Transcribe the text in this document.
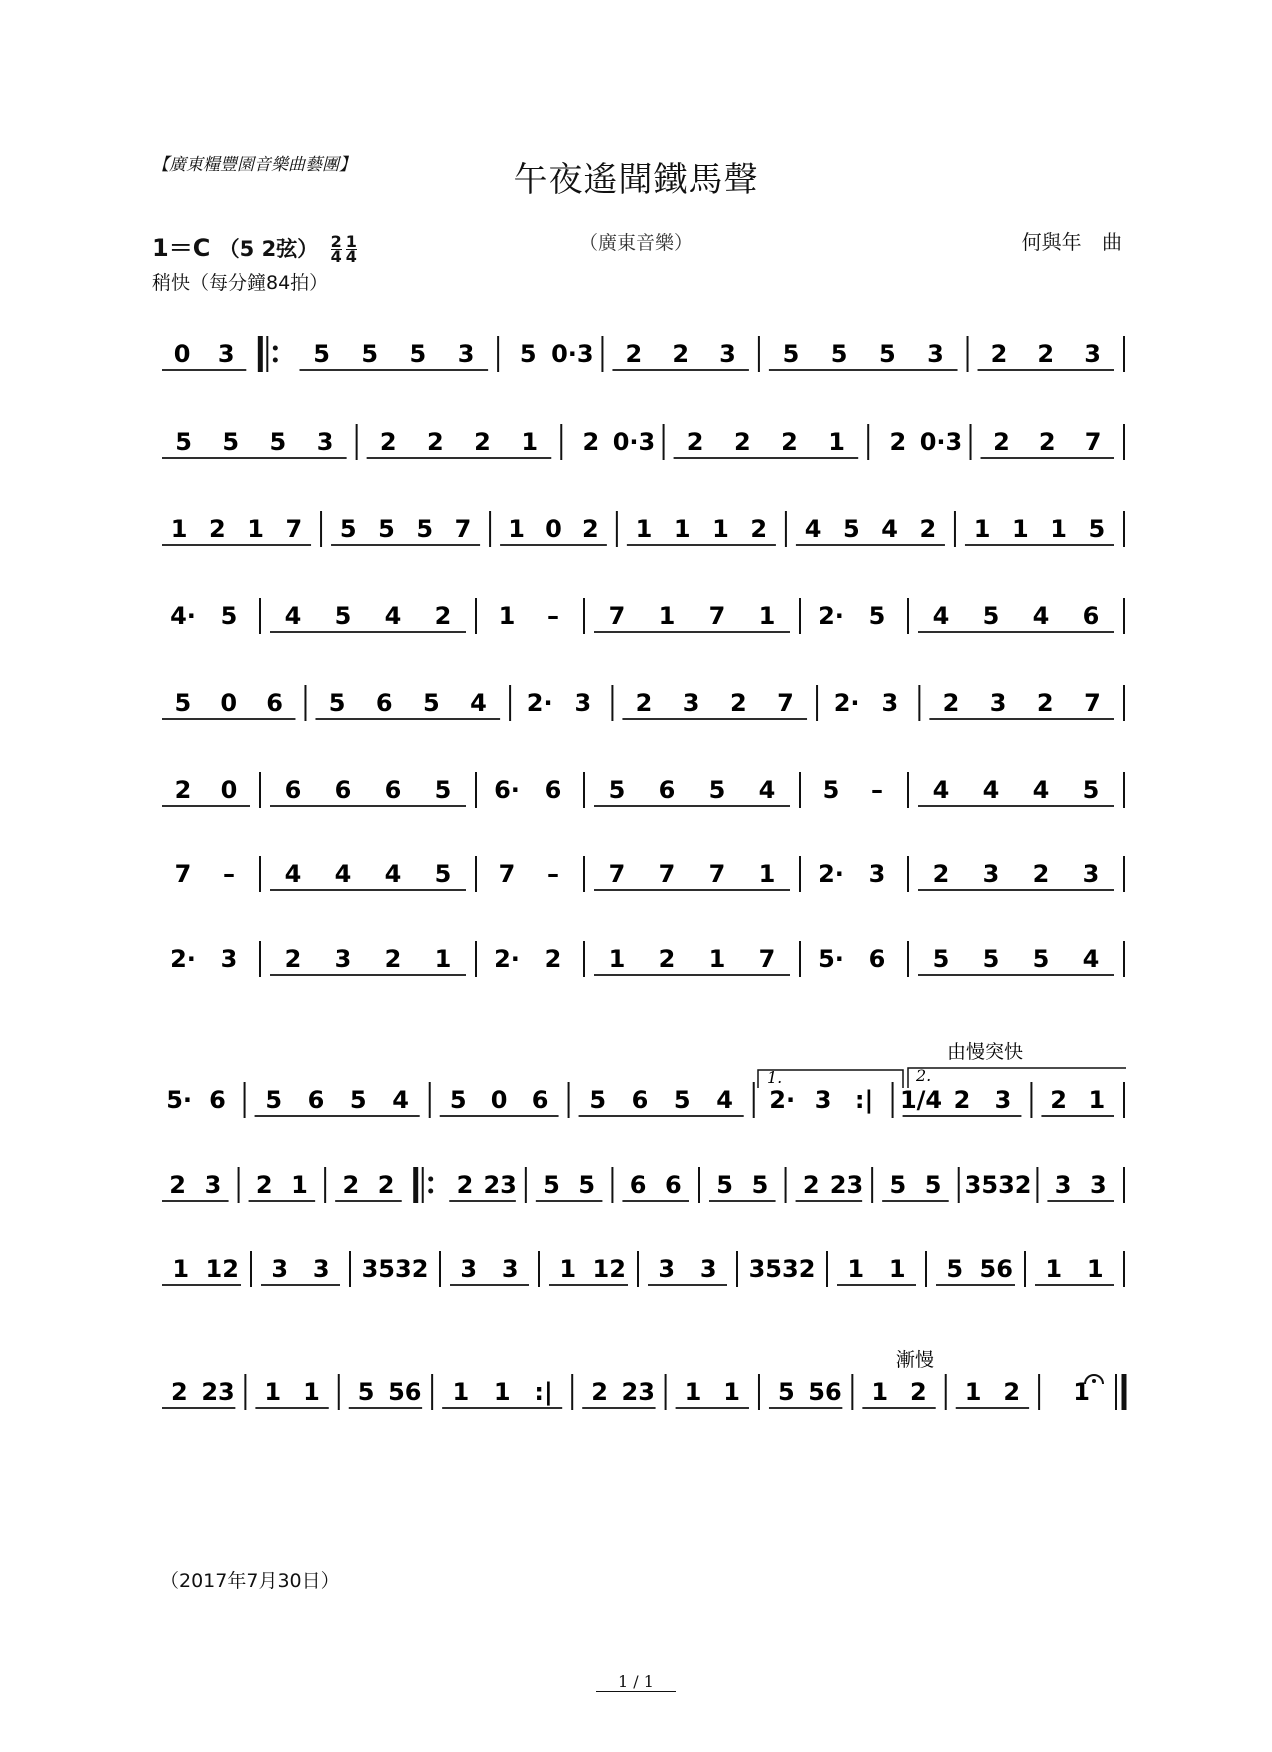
【廣東糧豐園音樂曲藝團】	午夜遙聞鐵馬聲
（廣東音樂）	何與年 曲
1＝C （5 2弦） $\frac{2}{4} \frac{1}{4}$
稍快（每分鐘84拍）
0 3	5 5 5 3 5 0·3 2 2 3 5 5 5 3 2 2 3
5 5 5 3 2 2 2 1 2 0·3 2 2 2 1 2 0·3 2 2 7
1 2 1 7 5 5 5 7 1 0 2 1 1 1 2 4 5 4 2 1 1 1 5
4· 5 4 5 4 2 1 – 7 1 7 1 2· 5 4 5 4 6
5 0 6 5 6 5 4 2· 3 2 3 2 7 2· 3 2 3 2 7
2 0 6 6 6 5 6· 6 5 6 5 4 5 – 4 4 4 5
7 – 4 4 4 5 7 – 7 7 7 1 2· 3 2 3 2 3
2· 3 2 3 2 1 2· 2 1 2 1 7 5· 6 5 5 5 4
5· 6 5 6 5 4 5 0 6 5 6 5 4 2· 3 :| 1/4 2 3 2 1
2 3 2 1 2 2	2 23 5 5 6 6 5 5 2 23 5 5 3532 3 3
1 12 3 3 3532 3 3 1 12 3 3 3532 1 1 5 56 1 1
2 23 1 1 5 56 1 1 :| 2 23 1 1 5 56 1 2 1 2 1
由慢突快
漸慢
1.	2.
（2017年7月30日）
1 / 1
